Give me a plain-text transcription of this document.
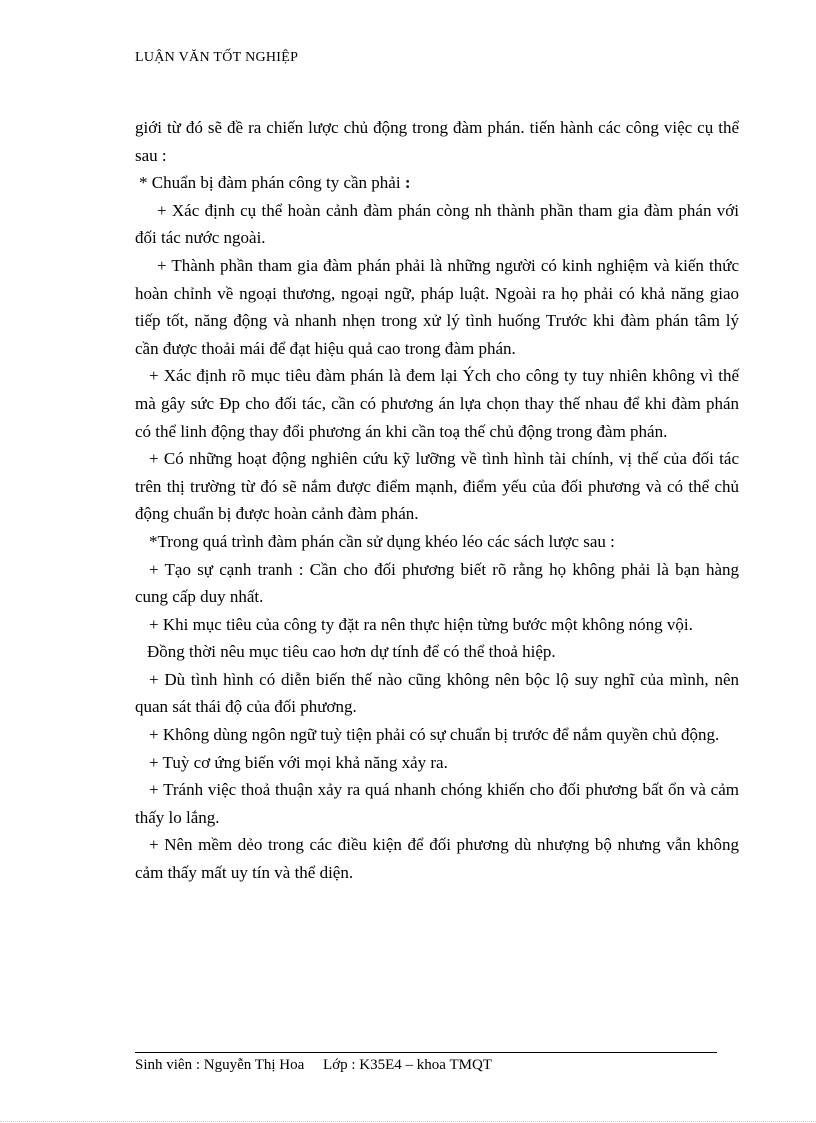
LUẬN VĂN TỐT NGHIỆP

giới từ đó sẽ đề ra chiến lược chủ động trong đàm phán. tiến hành các công việc cụ thể sau :

* Chuẩn bị đàm phán công ty cần phải :

+ Xác định cụ thể hoàn cảnh đàm phán còng nh thành phần tham gia đàm phán với đối tác nước ngoài.

+ Thành phần tham gia đàm phán phải là những người có kinh nghiệm và kiến thức hoàn chỉnh về ngoại thương, ngoại ngữ, pháp luật. Ngoài ra họ phải có khả năng giao tiếp tốt, năng động và nhanh nhẹn trong xử lý tình huống Trước khi đàm phán tâm lý cần được thoải mái để đạt hiệu quả cao trong đàm phán.

+ Xác định rõ mục tiêu đàm phán là đem lại Ých cho công ty tuy nhiên không vì thế mà gây sức Ðp cho đối tác, cần có phương án lựa chọn thay thế nhau để khi đàm phán có thể linh động thay đổi phương án khi cần toạ thế chủ động trong đàm phán.

+ Có những hoạt động nghiên cứu kỹ lưỡng về tình hình tài chính, vị thế của đối tác trên thị trường từ đó sẽ nắm được điểm mạnh, điểm yếu của đối phương và có thể chủ động chuẩn bị được hoàn cảnh đàm phán.

*Trong quá trình đàm phán cần sử dụng khéo léo các sách lược sau :

+ Tạo sự cạnh tranh : Cần cho đối phương biết rõ rằng họ không phải là bạn hàng cung cấp duy nhất.

+ Khi mục tiêu của công ty đặt ra nên thực hiện từng bước một không nóng vội.

Đồng thời nêu mục tiêu cao hơn dự tính để có thể thoả hiệp.

+ Dù tình hình có diễn biến thế nào cũng không nên bộc lộ suy nghĩ của mình, nên quan sát thái độ của đối phương.

+ Không dùng ngôn ngữ tuỳ tiện phải có sự chuẩn bị trước để nắm quyền chủ động.

+ Tuỳ cơ ứng biến với mọi khả năng xảy ra.

+ Tránh việc thoả thuận xảy ra quá nhanh chóng khiến cho đối phương bất ổn và cảm thấy lo lắng.

+ Nên mềm dẻo trong các điều kiện để đối phương dù nhượng bộ nhưng vẫn không cảm thấy mất uy tín và thể diện.

Sinh viên : Nguyễn Thị Hoa Lớp : K35E4 – khoa TMQT
